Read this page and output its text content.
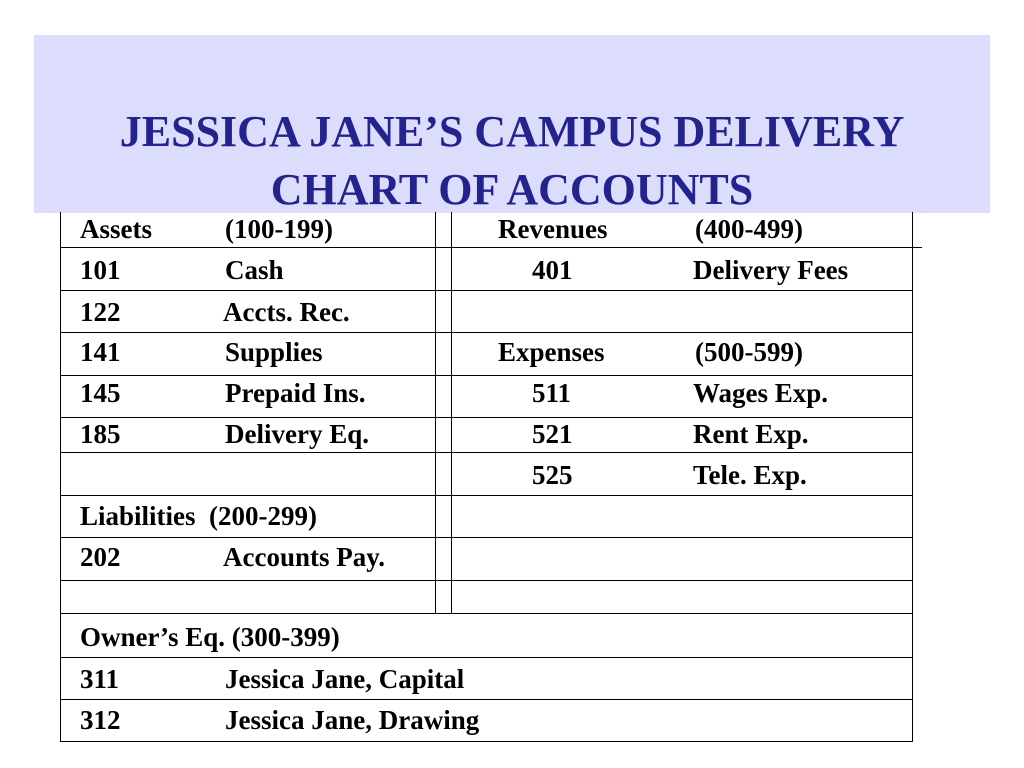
JESSICA JANE’S CAMPUS DELIVERY
CHART OF ACCOUNTS
Assets	(100-199)
101	Cash
122	Accts. Rec.
141	Supplies
145	Prepaid Ins.
185	Delivery Eq.
Liabilities  (200-299)
202	Accounts Pay.
Owner’s Eq. (300-399)
311	Jessica Jane, Capital
312	Jessica Jane, Drawing
Revenues	(400-499)
401	Delivery Fees
Expenses	(500-599)
511	Wages Exp.
521	Rent Exp.
525	Tele. Exp.
